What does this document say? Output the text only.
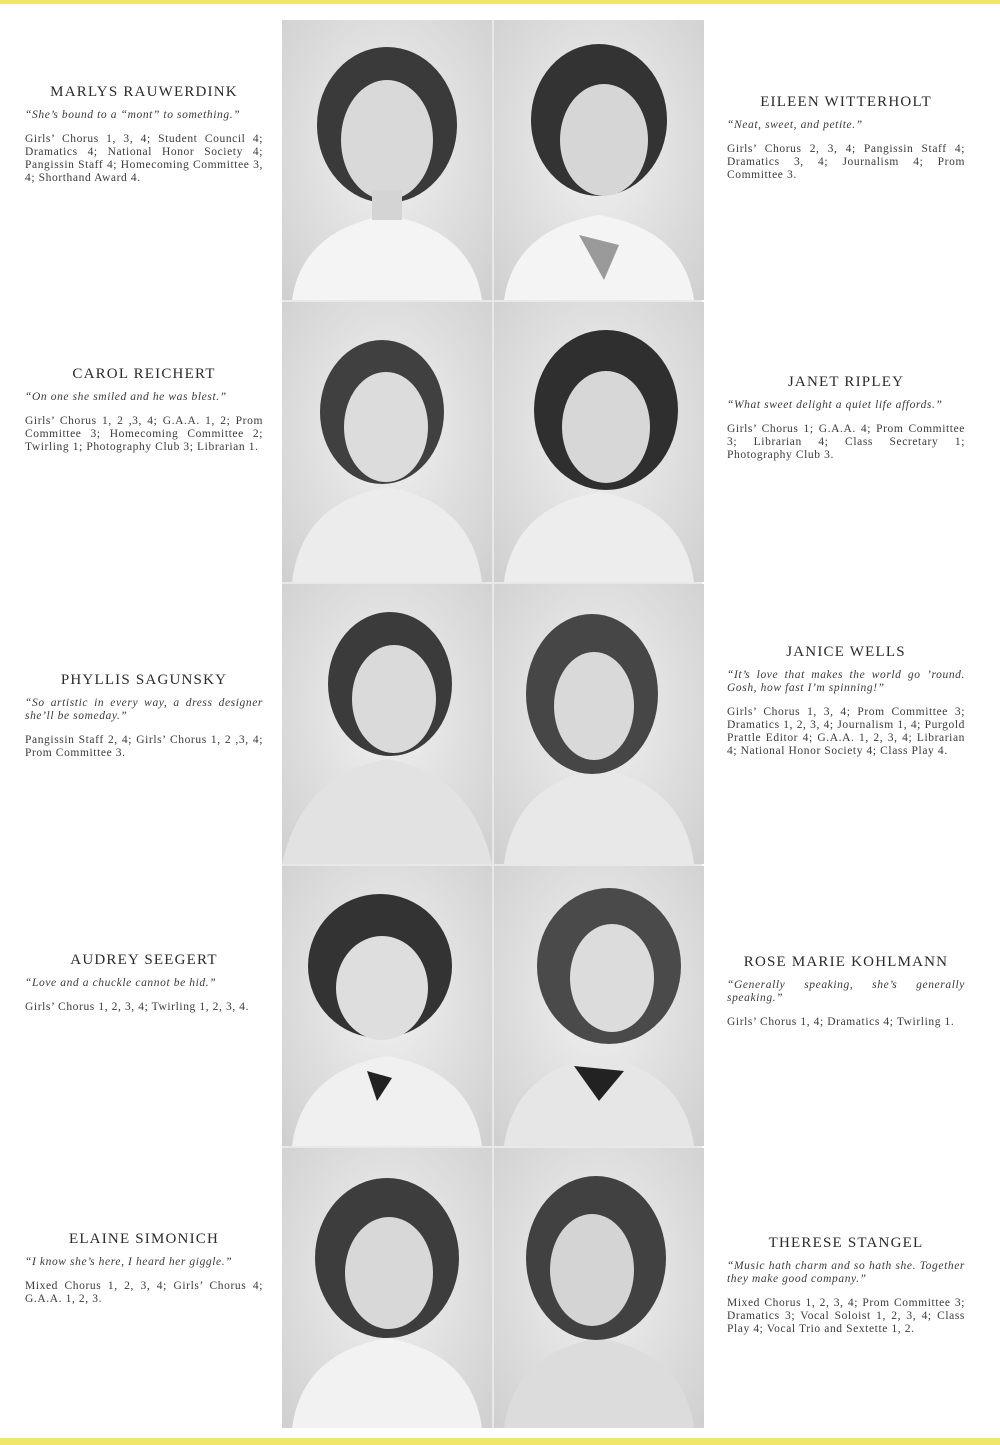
MARLYS RAUWERDINK

“She’s bound to a “mont” to something.”

Girls’ Chorus 1, 3, 4; Student Council 4; Dramatics 4; National Honor Society 4; Pangissin Staff 4; Homecoming Committee 3, 4; Shorthand Award 4.

EILEEN WITTERHOLT

“Neat, sweet, and petite.”

Girls’ Chorus 2, 3, 4; Pangissin Staff 4; Dramatics 3, 4; Journalism 4; Prom Committee 3.

CAROL REICHERT

“On one she smiled and he was blest.”

Girls’ Chorus 1, 2 ,3, 4; G.A.A. 1, 2; Prom Committee 3; Homecoming Committee 2; Twirling 1; Photography Club 3; Librarian 1.

JANET RIPLEY

“What sweet delight a quiet life affords.”

Girls’ Chorus 1; G.A.A. 4; Prom Committee 3; Librarian 4; Class Secretary 1; Photography Club 3.

PHYLLIS SAGUNSKY

“So artistic in every way, a dress designer she’ll be someday.”

Pangissin Staff 2, 4; Girls’ Chorus 1, 2 ,3, 4; Prom Committee 3.

JANICE WELLS

“It’s love that makes the world go ’round. Gosh, how fast I’m spinning!”

Girls’ Chorus 1, 3, 4; Prom Committee 3; Dramatics 1, 2, 3, 4; Journalism 1, 4; Purgold Prattle Editor 4; G.A.A. 1, 2, 3, 4; Librarian 4; National Honor Society 4; Class Play 4.

AUDREY SEEGERT

“Love and a chuckle cannot be hid.”

Girls’ Chorus 1, 2, 3, 4; Twirling 1, 2, 3, 4.

ROSE MARIE KOHLMANN

“Generally speaking, she’s generally speaking.”

Girls’ Chorus 1, 4; Dramatics 4; Twirling 1.

ELAINE SIMONICH

“I know she’s here, I heard her giggle.”

Mixed Chorus 1, 2, 3, 4; Girls’ Chorus 4; G.A.A. 1, 2, 3.

THERESE STANGEL

“Music hath charm and so hath she. Together they make good company.”

Mixed Chorus 1, 2, 3, 4; Prom Committee 3; Dramatics 3; Vocal Soloist 1, 2, 3, 4; Class Play 4; Vocal Trio and Sextette 1, 2.
